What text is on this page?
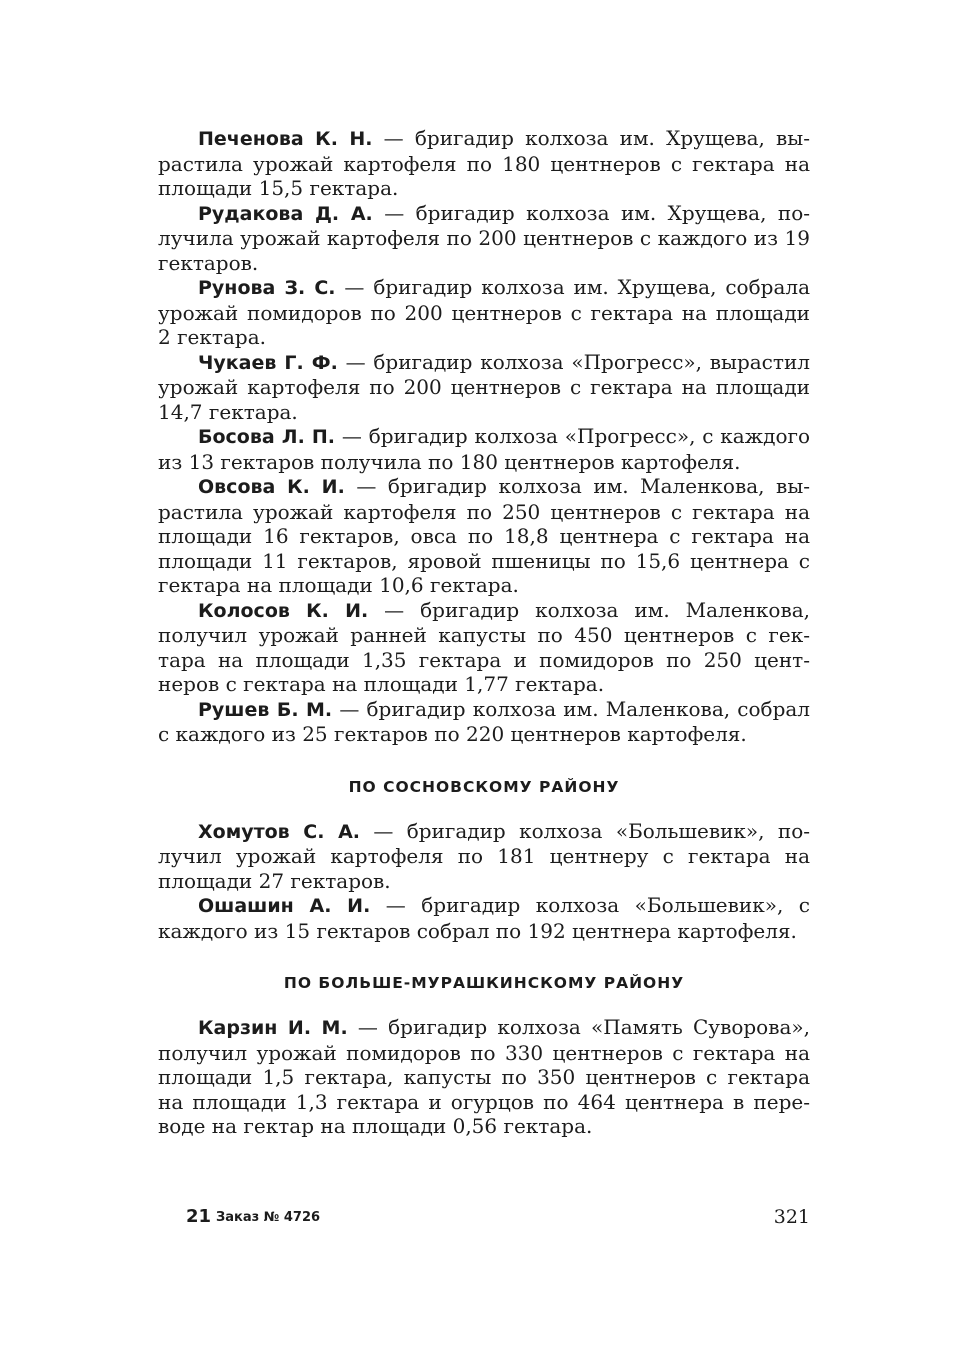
Печенова К. Н. — бригадир колхоза им. Хрущева, вырастила урожай картофеля по 180 центнеров с гектара на площади 15,5 гектара.

Рудакова Д. А. — бригадир колхоза им. Хрущева, получила урожай картофеля по 200 центнеров с каждого из 19 гектаров.

Рунова З. С. — бригадир колхоза им. Хрущева, собрала урожай помидоров по 200 центнеров с гектара на площади 2 гектара.

Чукаев Г. Ф. — бригадир колхоза «Прогресс», вырастил урожай картофеля по 200 центнеров с гектара на площади 14,7 гектара.

Босова Л. П. — бригадир колхоза «Прогресс», с каждого из 13 гектаров получила по 180 центнеров картофеля.

Овсова К. И. — бригадир колхоза им. Маленкова, вырастила урожай картофеля по 250 центнеров с гектара на площади 16 гектаров, овса по 18,8 центнера с гектара на площади 11 гектаров, яровой пшеницы по 15,6 центнера с гектара на площади 10,6 гектара.

Колосов К. И. — бригадир колхоза им. Маленкова, получил урожай ранней капусты по 450 центнеров с гектара на площади 1,35 гектара и помидоров по 250 центнеров с гектара на площади 1,77 гектара.

Рушев Б. М. — бригадир колхоза им. Маленкова, собрал с каждого из 25 гектаров по 220 центнеров картофеля.

ПО СОСНОВСКОМУ РАЙОНУ

Хомутов С. А. — бригадир колхоза «Большевик», получил урожай картофеля по 181 центнеру с гектара на площади 27 гектаров.

Ошашин А. И. — бригадир колхоза «Большевик», с каждого из 15 гектаров собрал по 192 центнера картофеля.

ПО БОЛЬШЕ-МУРАШКИНСКОМУ РАЙОНУ

Карзин И. М. — бригадир колхоза «Память Суворова», получил урожай помидоров по 330 центнеров с гектара на площади 1,5 гектара, капусты по 350 центнеров с гектара на площади 1,3 гектара и огурцов по 464 центнера в переводе на гектар на площади 0,56 гектара.

21 Заказ № 4726	321
